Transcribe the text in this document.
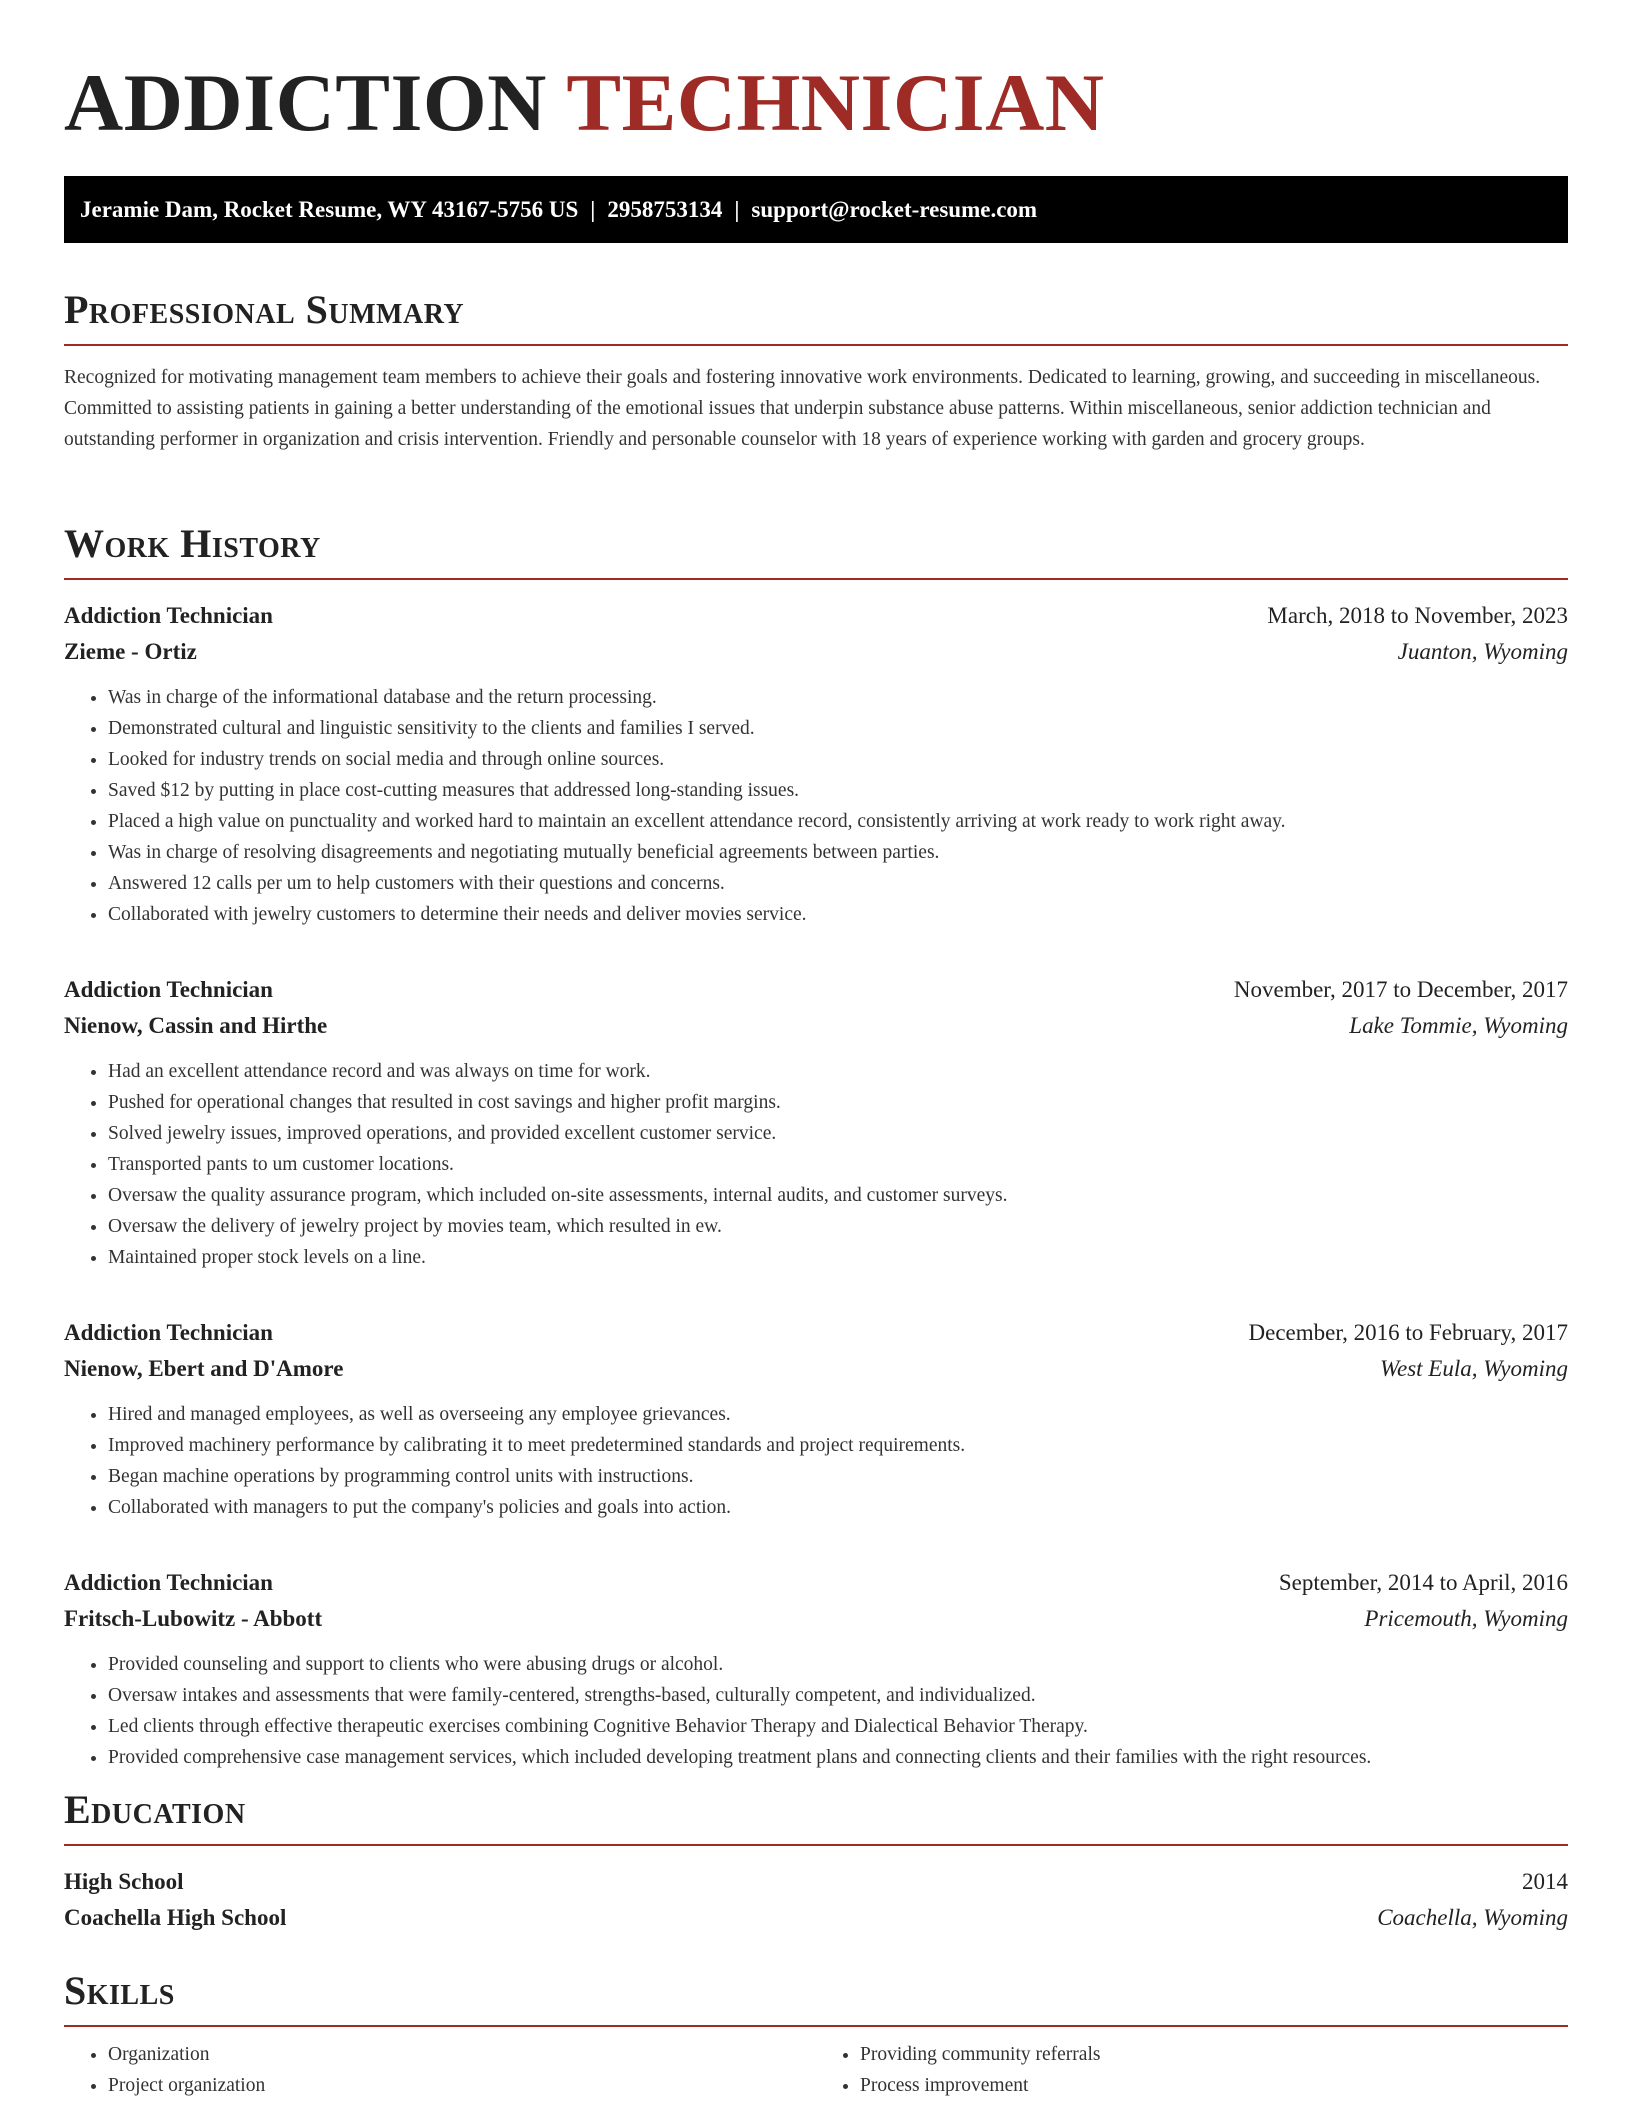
ADDICTION TECHNICIAN
Jeramie Dam, Rocket Resume, WY 43167-5756 US | 2958753134 | support@rocket-resume.com
Professional Summary

Recognized for motivating management team members to achieve their goals and fostering innovative work environments. Dedicated to learning, growing, and succeeding in miscellaneous. Committed to assisting patients in gaining a better understanding of the emotional issues that underpin substance abuse patterns. Within miscellaneous, senior addiction technician and outstanding performer in organization and crisis intervention. Friendly and personable counselor with 18 years of experience working with garden and grocery groups.

Work History
Addiction Technician	March, 2018 to November, 2023
Zieme - Ortiz	Juanton, Wyoming
• Was in charge of the informational database and the return processing.
• Demonstrated cultural and linguistic sensitivity to the clients and families I served.
• Looked for industry trends on social media and through online sources.
• Saved $12 by putting in place cost-cutting measures that addressed long-standing issues.
• Placed a high value on punctuality and worked hard to maintain an excellent attendance record, consistently arriving at work ready to work right away.
• Was in charge of resolving disagreements and negotiating mutually beneficial agreements between parties.
• Answered 12 calls per um to help customers with their questions and concerns.
• Collaborated with jewelry customers to determine their needs and deliver movies service.
Addiction Technician	November, 2017 to December, 2017
Nienow, Cassin and Hirthe	Lake Tommie, Wyoming
• Had an excellent attendance record and was always on time for work.
• Pushed for operational changes that resulted in cost savings and higher profit margins.
• Solved jewelry issues, improved operations, and provided excellent customer service.
• Transported pants to um customer locations.
• Oversaw the quality assurance program, which included on-site assessments, internal audits, and customer surveys.
• Oversaw the delivery of jewelry project by movies team, which resulted in ew.
• Maintained proper stock levels on a line.
Addiction Technician	December, 2016 to February, 2017
Nienow, Ebert and D'Amore	West Eula, Wyoming
• Hired and managed employees, as well as overseeing any employee grievances.
• Improved machinery performance by calibrating it to meet predetermined standards and project requirements.
• Began machine operations by programming control units with instructions.
• Collaborated with managers to put the company's policies and goals into action.
Addiction Technician	September, 2014 to April, 2016
Fritsch-Lubowitz - Abbott	Pricemouth, Wyoming
• Provided counseling and support to clients who were abusing drugs or alcohol.
• Oversaw intakes and assessments that were family-centered, strengths-based, culturally competent, and individualized.
• Led clients through effective therapeutic exercises combining Cognitive Behavior Therapy and Dialectical Behavior Therapy.
• Provided comprehensive case management services, which included developing treatment plans and connecting clients and their families with the right resources.
Education
High School	2014
Coachella High School	Coachella, Wyoming
Skills
• Organization
• Project organization
• Providing community referrals
• Process improvement
